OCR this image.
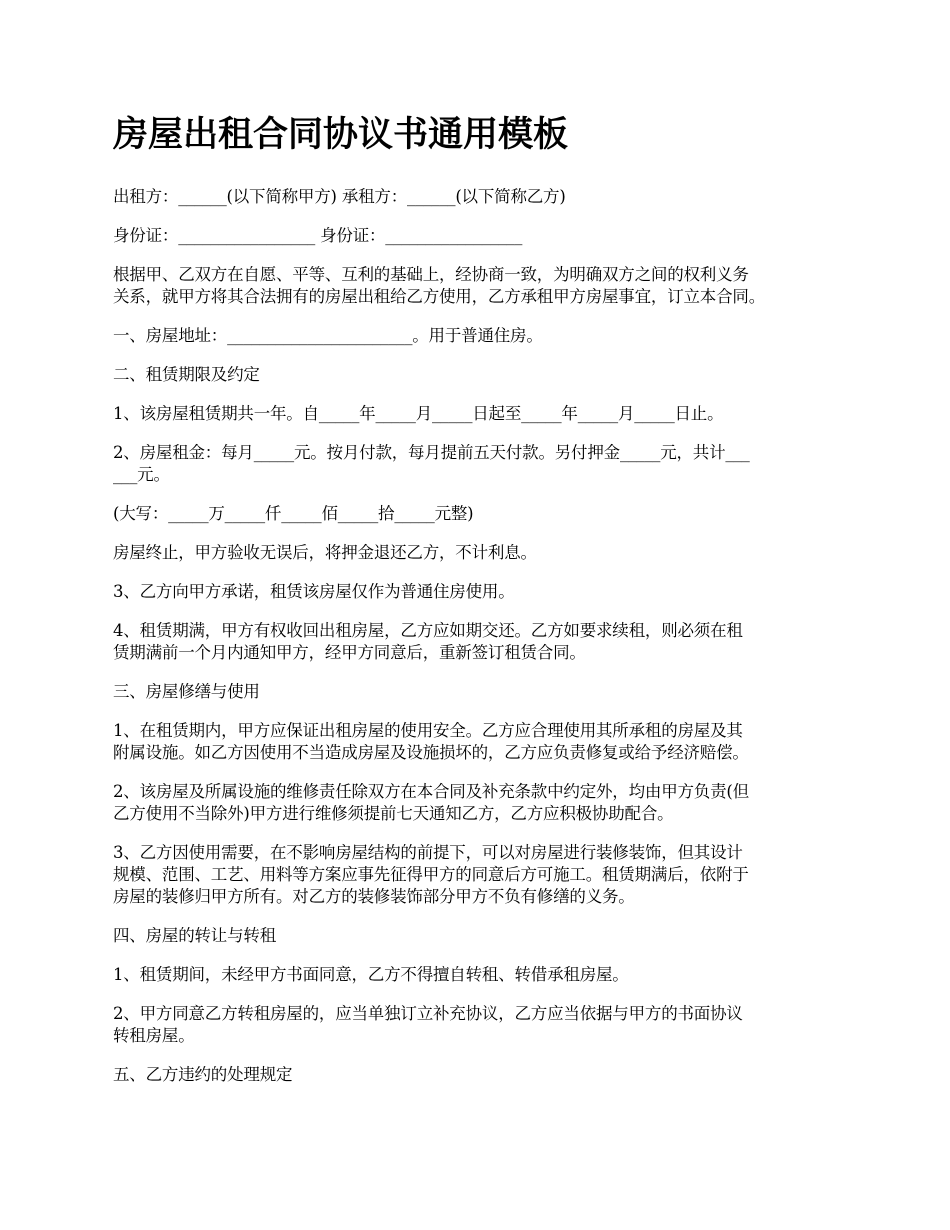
房屋出租合同协议书通用模板

出租方：______(以下简称甲方) 承租方：______(以下简称乙方)

身份证：_________________ 身份证：_________________

根据甲、乙双方在自愿、平等、互利的基础上，经协商一致，为明确双方之间的权利义务
关系，就甲方将其合法拥有的房屋出租给乙方使用，乙方承租甲方房屋事宜，订立本合同。

一、房屋地址：_______________________。用于普通住房。

二、租赁期限及约定

1、该房屋租赁期共一年。自_____年_____月_____日起至_____年_____月_____日止。

2、房屋租金：每月_____元。按月付款，每月提前五天付款。另付押金_____元，共计___
___元。

(大写：_____万_____仟_____佰_____拾_____元整)

房屋终止，甲方验收无误后，将押金退还乙方，不计利息。

3、乙方向甲方承诺，租赁该房屋仅作为普通住房使用。

4、租赁期满，甲方有权收回出租房屋，乙方应如期交还。乙方如要求续租，则必须在租
赁期满前一个月内通知甲方，经甲方同意后，重新签订租赁合同。

三、房屋修缮与使用

1、在租赁期内，甲方应保证出租房屋的使用安全。乙方应合理使用其所承租的房屋及其
附属设施。如乙方因使用不当造成房屋及设施损坏的，乙方应负责修复或给予经济赔偿。

2、该房屋及所属设施的维修责任除双方在本合同及补充条款中约定外，均由甲方负责(但
乙方使用不当除外)甲方进行维修须提前七天通知乙方，乙方应积极协助配合。

3、乙方因使用需要，在不影响房屋结构的前提下，可以对房屋进行装修装饰，但其设计
规模、范围、工艺、用料等方案应事先征得甲方的同意后方可施工。租赁期满后，依附于
房屋的装修归甲方所有。对乙方的装修装饰部分甲方不负有修缮的义务。

四、房屋的转让与转租

1、租赁期间，未经甲方书面同意，乙方不得擅自转租、转借承租房屋。

2、甲方同意乙方转租房屋的，应当单独订立补充协议，乙方应当依据与甲方的书面协议
转租房屋。

五、乙方违约的处理规定
